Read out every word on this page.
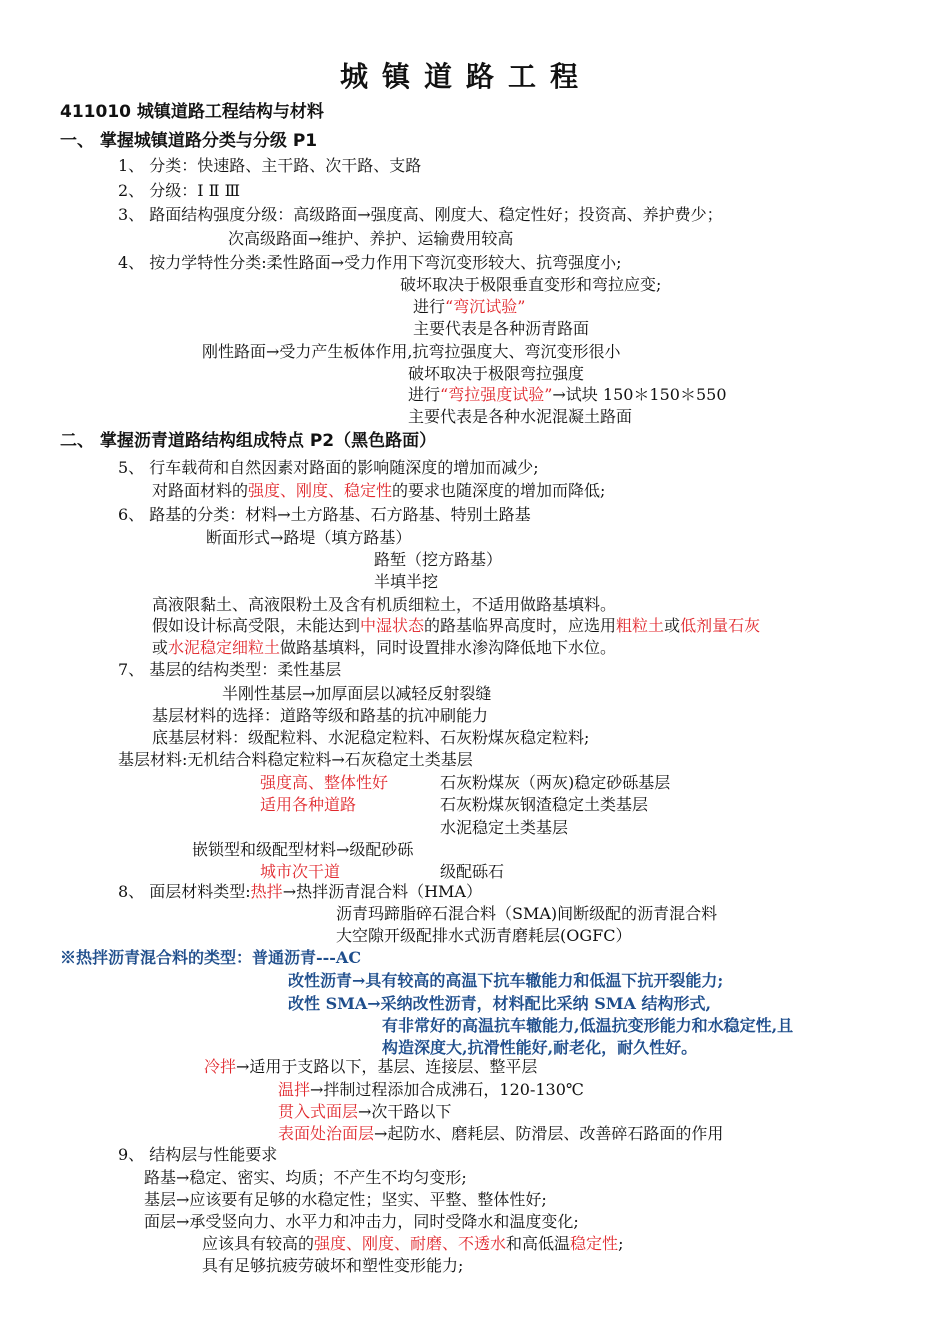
城镇道路工程
411010 城镇道路工程结构与材料
一、 掌握城镇道路分类与分级 P1
1、 分类：快速路、主干路、次干路、支路
2、 分级：Ⅰ Ⅱ Ⅲ
3、 路面结构强度分级：高级路面→强度高、刚度大、稳定性好；投资高、养护费少；
次高级路面→维护、养护、运输费用较高
4、 按力学特性分类:柔性路面→受力作用下弯沉变形较大、抗弯强度小;
破坏取决于极限垂直变形和弯拉应变;
进行“弯沉试验”
主要代表是各种沥青路面
刚性路面→受力产生板体作用,抗弯拉强度大、弯沉变形很小
破坏取决于极限弯拉强度
进行“弯拉强度试验”→试块 150＊150＊550
主要代表是各种水泥混凝土路面
二、 掌握沥青道路结构组成特点 P2（黑色路面）
5、 行车载荷和自然因素对路面的影响随深度的增加而减少;
对路面材料的强度、刚度、稳定性的要求也随深度的增加而降低;
6、 路基的分类：材料→土方路基、石方路基、特别土路基
断面形式→路堤（填方路基）
路堑（挖方路基）
半填半挖
高液限黏土、高液限粉土及含有机质细粒土，不适用做路基填料。
假如设计标高受限，未能达到中湿状态的路基临界高度时，应选用粗粒土或低剂量石灰
或水泥稳定细粒土做路基填料，同时设置排水渗沟降低地下水位。
7、 基层的结构类型：柔性基层
半刚性基层→加厚面层以减轻反射裂缝
基层材料的选择：道路等级和路基的抗冲刷能力
底基层材料：级配粒料、水泥稳定粒料、石灰粉煤灰稳定粒料;
基层材料:无机结合料稳定粒料→石灰稳定土类基层
强度高、整体性好	石灰粉煤灰（两灰)稳定砂砾基层
适用各种道路	石灰粉煤灰钢渣稳定土类基层
水泥稳定土类基层
嵌锁型和级配型材料→级配砂砾
城市次干道	级配砾石
8、 面层材料类型:热拌→热拌沥青混合料（HMA）
沥青玛蹄脂碎石混合料（SMA)间断级配的沥青混合料
大空隙开级配排水式沥青磨耗层(OGFC）
※热拌沥青混合料的类型：普通沥青---AC
改性沥青→具有较高的高温下抗车辙能力和低温下抗开裂能力;
改性 SMA→采纳改性沥青，材料配比采纳 SMA 结构形式,
有非常好的高温抗车辙能力,低温抗变形能力和水稳定性,且
构造深度大,抗滑性能好,耐老化，耐久性好。
冷拌→适用于支路以下，基层、连接层、整平层
温拌→拌制过程添加合成沸石，120-130℃
贯入式面层→次干路以下
表面处治面层→起防水、磨耗层、防滑层、改善碎石路面的作用
9、 结构层与性能要求
路基→稳定、密实、均质；不产生不均匀变形;
基层→应该要有足够的水稳定性；坚实、平整、整体性好;
面层→承受竖向力、水平力和冲击力，同时受降水和温度变化;
应该具有较高的强度、刚度、耐磨、不透水和高低温稳定性;
具有足够抗疲劳破坏和塑性变形能力;
